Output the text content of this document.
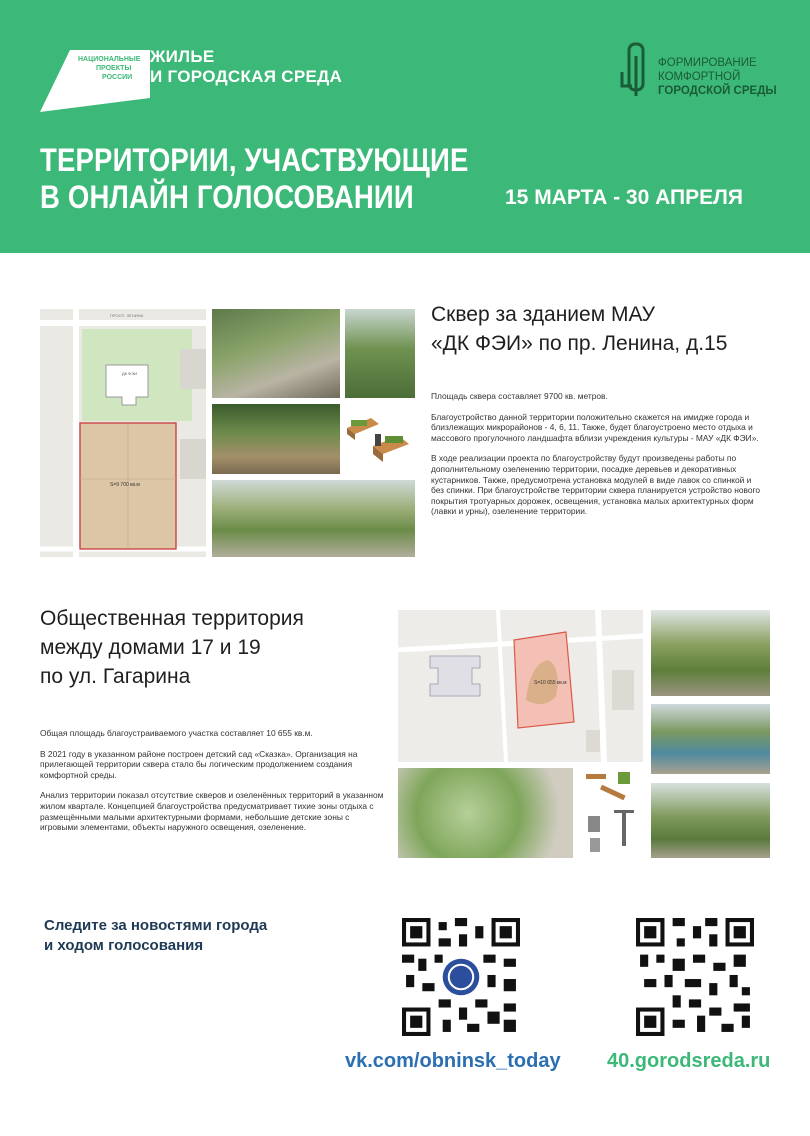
НАЦИОНАЛЬНЫЕ
ПРОЕКТЫ
РОССИИ
ЖИЛЬЕ
И ГОРОДСКАЯ СРЕДА
ФОРМИРОВАНИЕ
КОМФОРТНОЙ
ГОРОДСКОЙ СРЕДЫ
ТЕРРИТОРИИ, УЧАСТВУЮЩИЕ
В ОНЛАЙН ГОЛОСОВАНИИ	15 МАРТА - 30 АПРЕЛЯ
ПРОСП. ЛЕНИНА
ДК ФЭИ
S=9 700 кв.м
Сквер за зданием МАУ
«ДК ФЭИ» по пр. Ленина, д.15

Площадь сквера составляет 9700 кв. метров.

Благоустройство данной территории положительно скажется на имидже города и близлежащих микрорайонов - 4, 6, 11. Также, будет благоустроено место отдыха и массового прогулочного ландшафта вблизи учреждения культуры - МАУ «ДК ФЭИ».

В ходе реализации проекта по благоустройству будут произведены работы по дополнительному озеленению территории, посадке деревьев и декоративных кустарников. Также, предусмотрена установка модулей в виде лавок со спинкой и без спинки. При благоустройстве территории сквера планируется устройство нового покрытия тротуарных дорожек, освещения, установка малых архитектурных форм (лавки и урны), озеленение территории.

Общественная территория
между домами 17 и 19
по ул. Гагарина

Общая площадь благоустраиваемого участка составляет 10 655 кв.м.

В 2021 году в указанном районе построен детский сад «Сказка». Организация на прилегающей территории сквера стало бы логическим продолжением создания комфортной среды.

Анализ территории показал отсутствие скверов и озеленённых территорий в указанном жилом квартале. Концепцией благоустройства предусматривает тихие зоны отдыха с размещёнными малыми архитектурными формами, небольшие детские зоны с игровыми элементами, объекты наружного освещения, озеленение.

S=10 655 кв.м
Следите за новостями города
и ходом голосования
vk.com/obninsk_today 40.gorodsreda.ru
